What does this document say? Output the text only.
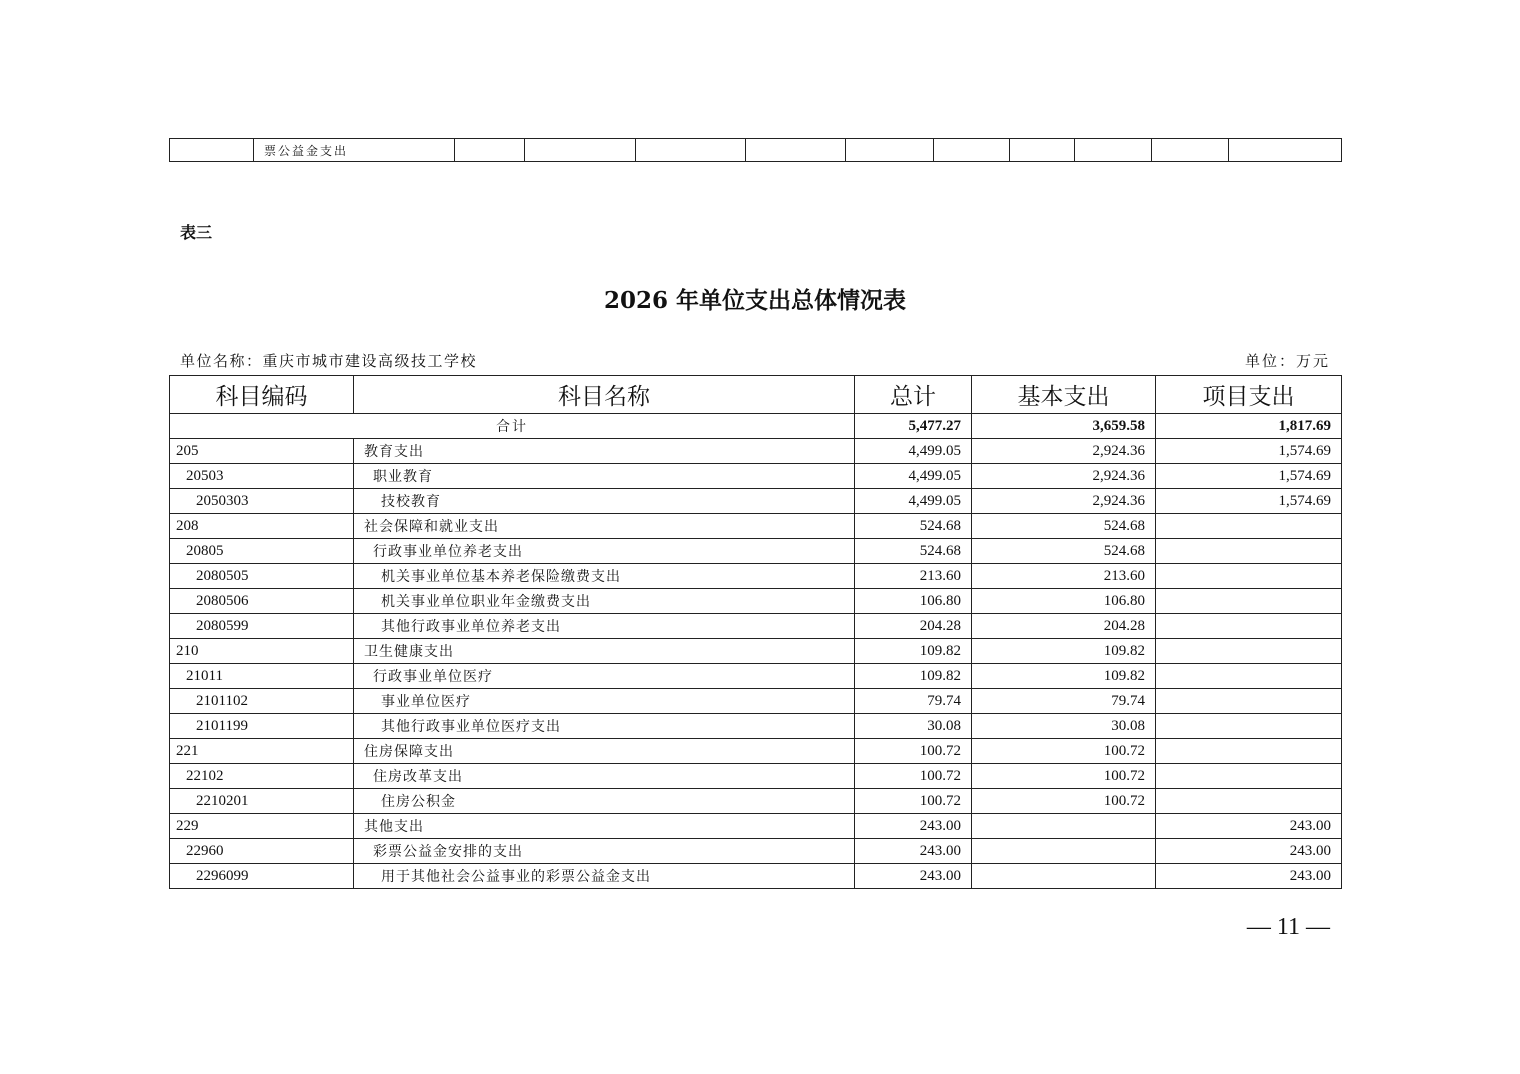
	票公益金支出										
表三
2026 年单位支出总体情况表
单位名称：重庆市城市建设高级技工学校	单位：万元
科目编码	科目名称	总计	基本支出	项目支出
合计		5,477.27	3,659.58	1,817.69
205	教育支出	4,499.05	2,924.36	1,574.69
20503	职业教育	4,499.05	2,924.36	1,574.69
2050303	技校教育	4,499.05	2,924.36	1,574.69
208	社会保障和就业支出	524.68	524.68	
20805	行政事业单位养老支出	524.68	524.68	
2080505	机关事业单位基本养老保险缴费支出	213.60	213.60	
2080506	机关事业单位职业年金缴费支出	106.80	106.80	
2080599	其他行政事业单位养老支出	204.28	204.28	
210	卫生健康支出	109.82	109.82	
21011	行政事业单位医疗	109.82	109.82	
2101102	事业单位医疗	79.74	79.74	
2101199	其他行政事业单位医疗支出	30.08	30.08	
221	住房保障支出	100.72	100.72	
22102	住房改革支出	100.72	100.72	
2210201	住房公积金	100.72	100.72	
229	其他支出	243.00		243.00
22960	彩票公益金安排的支出	243.00		243.00
2296099	用于其他社会公益事业的彩票公益金支出	243.00		243.00
— 11 —
